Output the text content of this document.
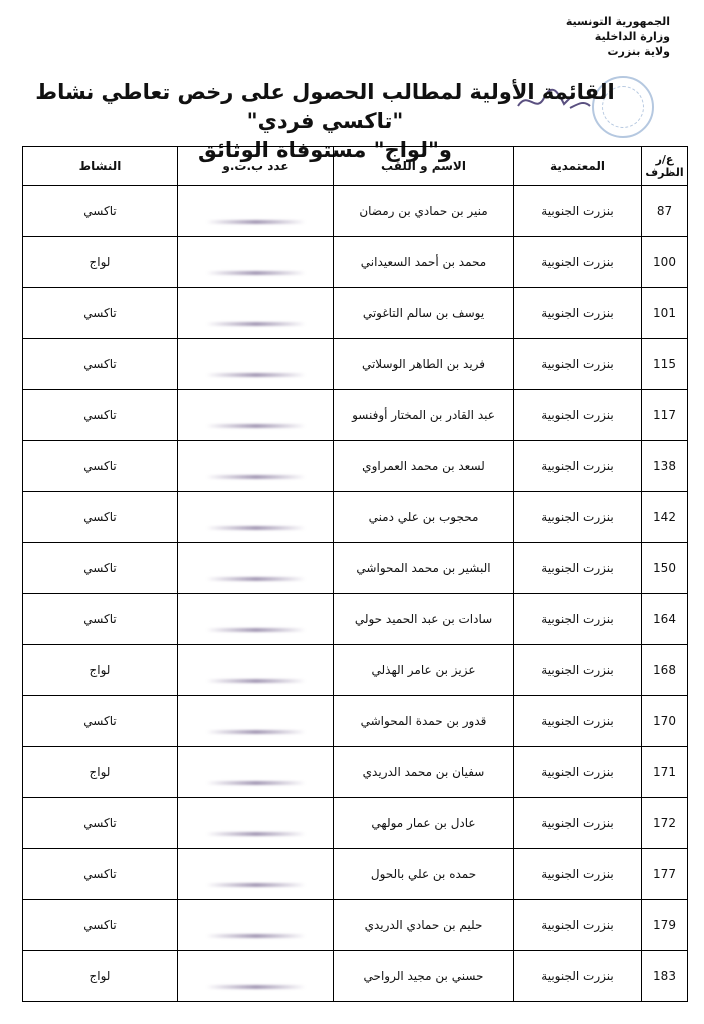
الجمهورية التونسية
وزارة الداخلية
ولاية بنزرت
القائمة الأولية لمطالب الحصول على رخص تعاطي نشاط "تاكسي فردي"
و"لواج" مستوفاة الوثائق	ع/ر الظرف	المعتمدية	الاسم و اللقب	عدد ب.ت.و	النشاط
87	بنزرت الجنوبية	منير بن حمادي بن رمضان		تاكسي
100	بنزرت الجنوبية	محمد بن أحمد السعيداني		لواج
101	بنزرت الجنوبية	يوسف بن سالم التاغوتي		تاكسي
115	بنزرت الجنوبية	فريد بن الطاهر الوسلاتي		تاكسي
117	بنزرت الجنوبية	عبد القادر بن المختار أوفنسو		تاكسي
138	بنزرت الجنوبية	لسعد بن محمد العمراوي		تاكسي
142	بنزرت الجنوبية	محجوب بن علي دمني		تاكسي
150	بنزرت الجنوبية	البشير بن محمد المحواشي		تاكسي
164	بنزرت الجنوبية	سادات بن عبد الحميد حولي		تاكسي
168	بنزرت الجنوبية	عزيز بن عامر الهذلي		لواج
170	بنزرت الجنوبية	قدور بن حمدة المحواشي		تاكسي
171	بنزرت الجنوبية	سفيان بن محمد الدريدي		لواج
172	بنزرت الجنوبية	عادل بن عمار مولهي		تاكسي
177	بنزرت الجنوبية	حمده بن علي بالحول		تاكسي
179	بنزرت الجنوبية	حليم بن حمادي الدريدي		تاكسي
183	بنزرت الجنوبية	حسني بن مجيد الرواحي		لواج
